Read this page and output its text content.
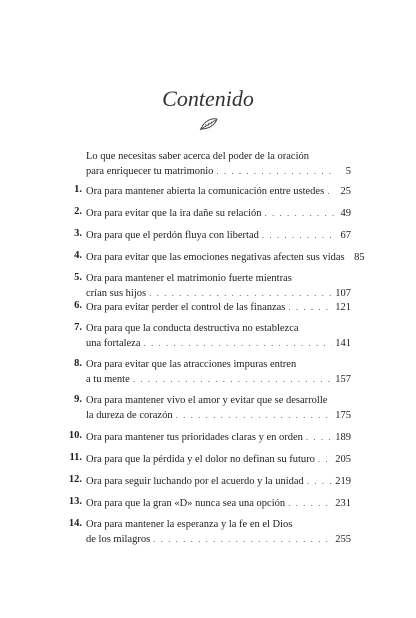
Contenido
Lo que necesitas saber acerca del poder de la oración
para enriquecer tu matrimonio . . .	5
1. Ora para mantener abierta la comunicación entre ustedes . . .	25
2. Ora para evitar que la ira dañe su relación . . .	49
3. Ora para que el perdón fluya con libertad . . .	67
4. Ora para evitar que las emociones negativas afecten sus vidas 85
5. Ora para mantener el matrimonio fuerte mientras
crían sus hijos . . .	107
6. Ora para evitar perder el control de las finanzas . . .	121
7. Ora para que la conducta destructiva no establezca
una fortaleza . . .	141
8. Ora para evitar que las atracciones impuras entren
a tu mente . . .	157
9. Ora para mantener vivo el amor y evitar que se desarrolle
la dureza de corazón . . .	175
10. Ora para mantener tus prioridades claras y en orden . . .	189
11. Ora para que la pérdida y el dolor no definan su futuro . . . 205
12. Ora para seguir luchando por el acuerdo y la unidad . . .	219
13. Ora para que la gran «D» nunca sea una opción . . .	231
14. Ora para mantener la esperanza y la fe en el Dios
de los milagros . . .	255
